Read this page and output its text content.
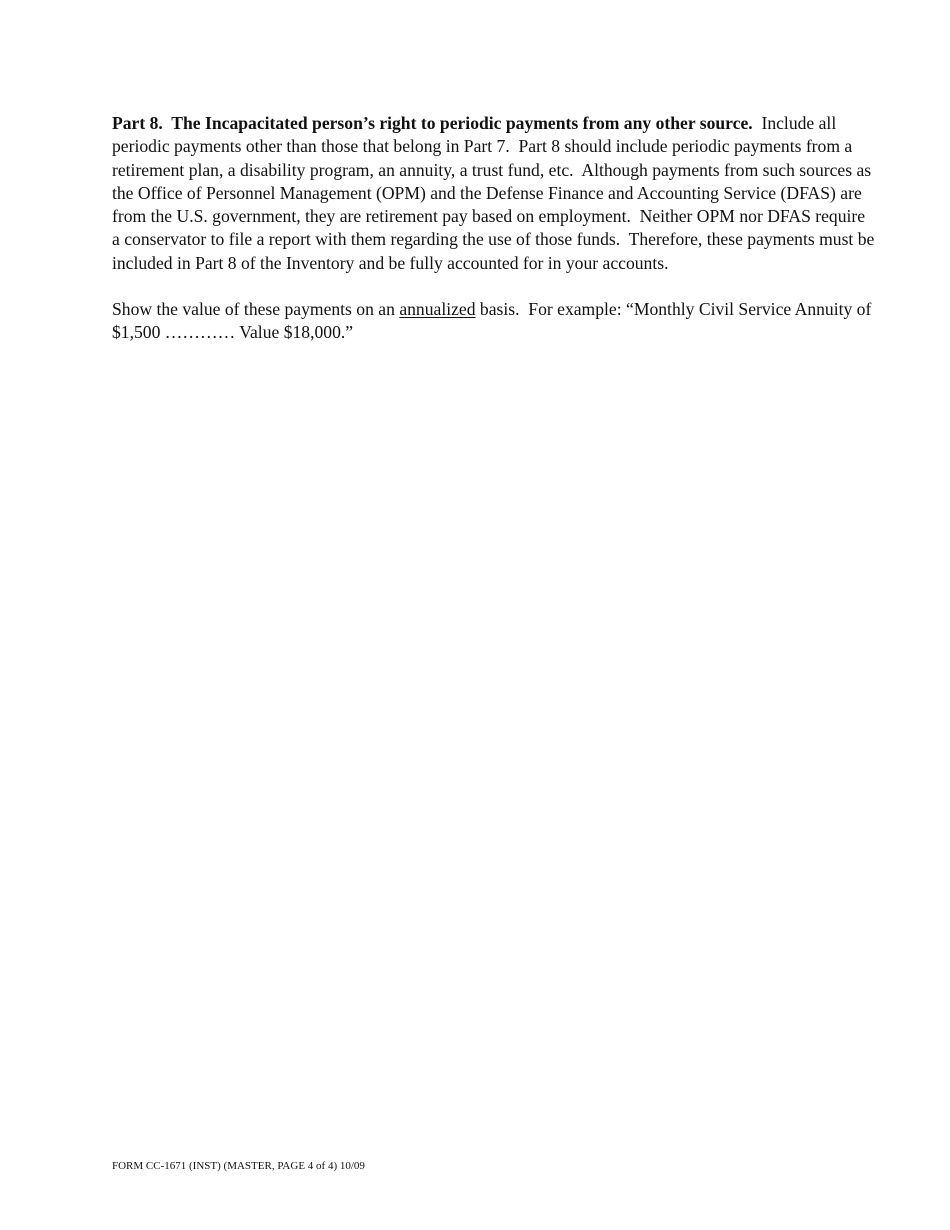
Part 8.  The Incapacitated person’s right to periodic payments from any other source.  Include all periodic payments other than those that belong in Part 7.  Part 8 should include periodic payments from a retirement plan, a disability program, an annuity, a trust fund, etc.  Although payments from such sources as the Office of Personnel Management (OPM) and the Defense Finance and Accounting Service (DFAS) are from the U.S. government, they are retirement pay based on employment.  Neither OPM nor DFAS require a conservator to file a report with them regarding the use of those funds.  Therefore, these payments must be included in Part 8 of the Inventory and be fully accounted for in your accounts.

Show the value of these payments on an annualized basis.  For example: “Monthly Civil Service Annuity of $1,500 ………… Value $18,000.”

FORM CC-1671 (INST) (MASTER, PAGE 4 of 4) 10/09
